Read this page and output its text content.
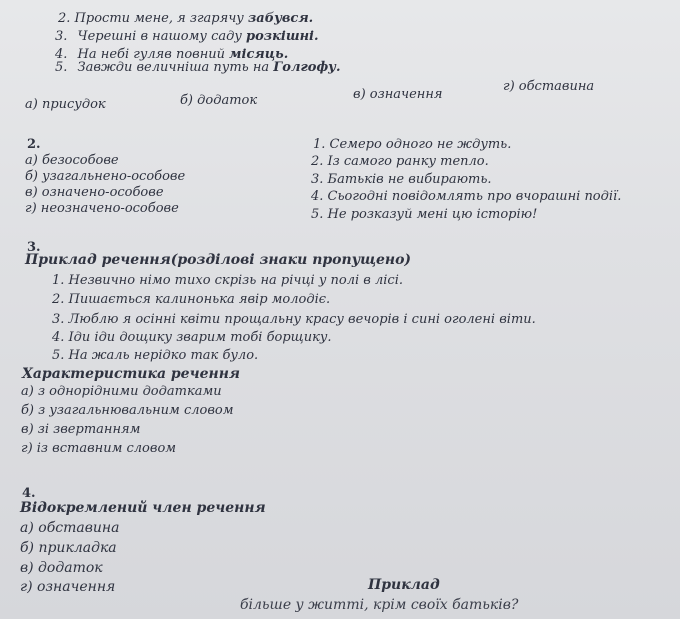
2. Прости мене, я згарячу забувся.
3. Черешні в нашому саду розкішні.
4. На небі гуляв повний місяць.
5. Завжди величніша путь на Голгофу.
а) присудок	б) додаток	в) означення
г) обставина
2.
а) безособове
б) узагальнено-особове
в) означено-особове
г) неозначено-особове
1. Семеро одного не ждуть.
2. Із самого ранку тепло.
3. Батьків не вибирають.
4. Сьогодні повідомлять про вчорашні події.
5. Не розказуй мені цю історію!
3.
Приклад речення(розділові знаки пропущено)
1. Незвично німо тихо скрізь на річці у полі в лісі.
2. Пишається калинонька явір молодіє.
3. Люблю я осінні квіти прощальну красу вечорів і сині оголені віти.
4. Іди іди дощику зварим тобі борщику.
5. На жаль нерідко так було.
Характеристика речення
а) з однорідними додатками
б) з узагальнювальним словом
в) зі звертанням
г) із вставним словом
4.
Відокремлений член речення
а) обставина
б) прикладка
в) додаток
г) означення	Приклад
більше у житті, крім своїх батьків?
